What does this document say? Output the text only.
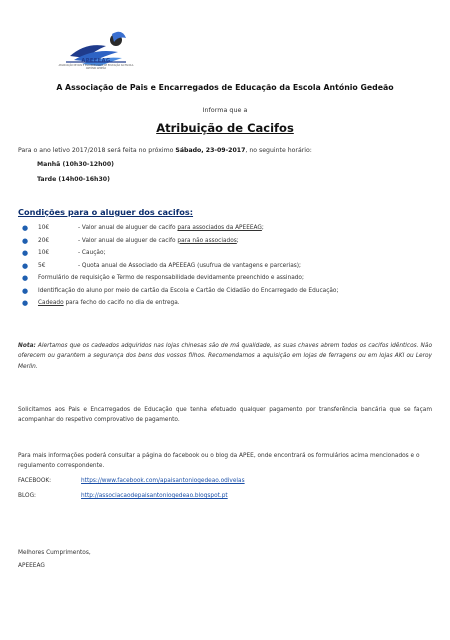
APEEEAG
ASSOCIAÇÃO DE PAIS E ENCARREGADOS DE EDUCAÇÃO DA ESCOLA ANTÓNIO GEDEÃO
A Associação de Pais e Encarregados de Educação da Escola António Gedeão
Informa que a
Atribuição de Cacifos
Para o ano letivo 2017/2018 será feita no próximo Sábado, 23-09-2017, no seguinte horário:
Manhã (10h30-12h00)
Tarde (14h00-16h30)
Condições para o aluguer dos cacifos:
● 10€	- Valor anual de aluguer de cacifo para associados da APEEEAG;
● 20€	- Valor anual de aluguer de cacifo para não associados;
● 10€	- Caução;
● 5€	- Quota anual de Associado da APEEEAG (usufrua de vantagens e parcerias);
● Formulário de requisição e Termo de responsabilidade devidamente preenchido e assinado;
● Identificação do aluno por meio de cartão da Escola e Cartão de Cidadão do Encarregado de Educação;
● Cadeado para fecho do cacifo no dia de entrega.
Nota: Alertamos que os cadeados adquiridos nas lojas chinesas são de má qualidade, as suas chaves abrem todos os cacifos idênticos. Não oferecem ou garantem a segurança dos bens dos vossos filhos. Recomendamos a aquisição em lojas de ferragens ou em lojas AKI ou Leroy Merlin.
Solicitamos aos Pais e Encarregados de Educação que tenha efetuado qualquer pagamento por transferência bancária que se façam acompanhar do respetivo comprovativo de pagamento.
Para mais informações poderá consultar a página do facebook ou o blog da APEE, onde encontrará os formulários acima mencionados e o regulamento correspondente.
FACEBOOK:	https://www.facebook.com/apaisantoniogedeao.odivelas
BLOG:	http://associacaodepaisantoniogedeao.blogspot.pt
Melhores Cumprimentos,
APEEEAG
